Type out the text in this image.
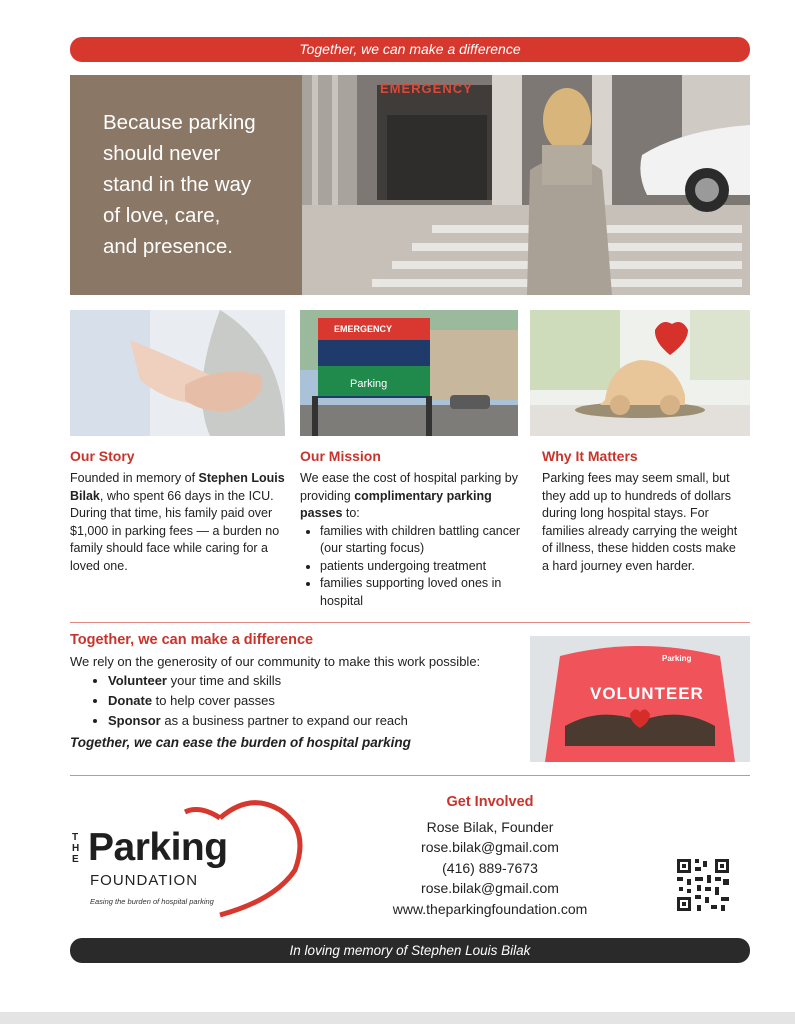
Together, we can make a difference
Because parking
should never
stand in the way
of love, care,
and presence.
EMERGENCY
EMERGENCY
Parking
Our Story
Founded in memory of Stephen Louis Bilak, who spent 66 days in the ICU. During that time, his family paid over $1,000 in parking fees — a burden no family should face while caring for a loved one.
Our Mission
We ease the cost of hospital parking by providing complimentary parking passes to:
• families with children battling cancer (our starting focus)
• patients undergoing treatment
• families supporting loved ones in hospital
Why It Matters
Parking fees may seem small, but they add up to hundreds of dollars during long hospital stays. For families already carrying the weight of illness, these hidden costs make a hard journey even harder.
Together, we can make a difference
We rely on the generosity of our community to make this work possible:
• Volunteer your time and skills
• Donate to help cover passes
• Sponsor as a business partner to expand our reach
Together, we can ease the burden of hospital parking
VOLUNTEER
Parking
THE Parking
FOUNDATION
Easing the burden of hospital parking
Get Involved
Rose Bilak, Founder
rose.bilak@gmail.com
(416) 889-7673
rose.bilak@gmail.com
www.theparkingfoundation.com
In loving memory of Stephen Louis Bilak
